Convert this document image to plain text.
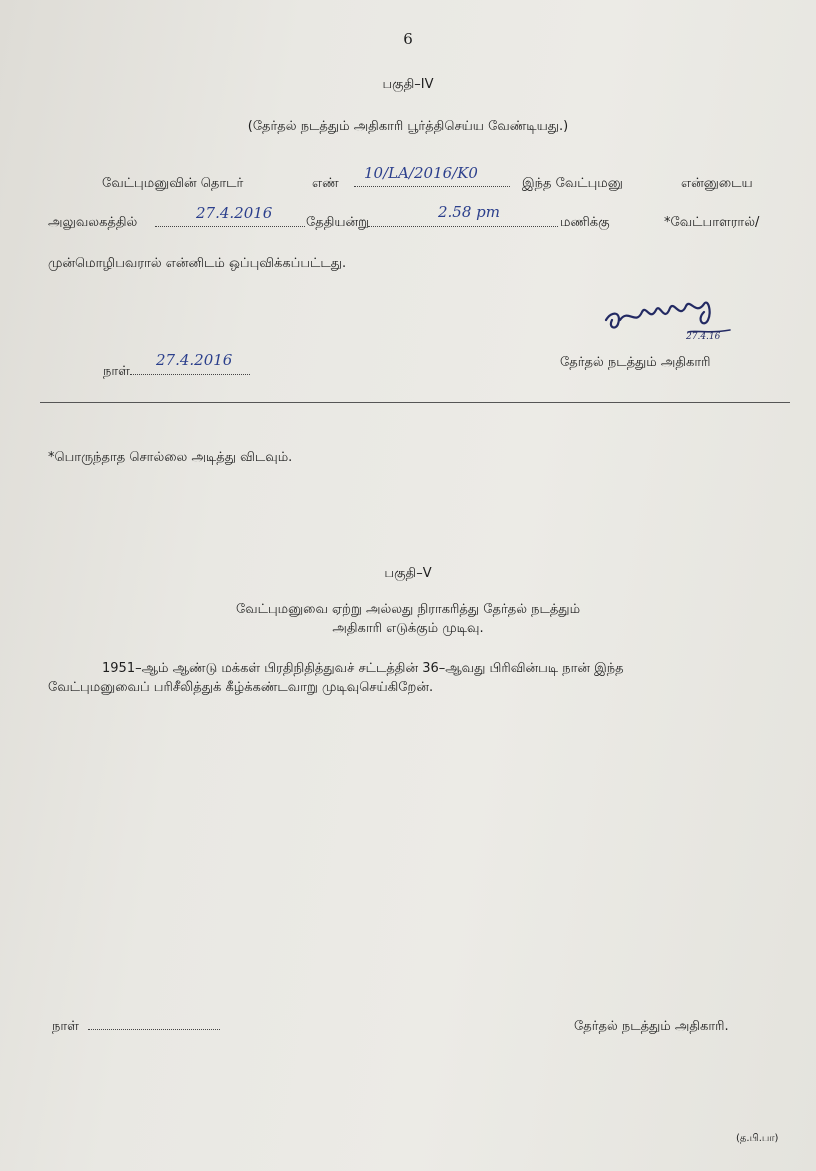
6
பகுதி–IV
(தேர்தல் நடத்தும் அதிகாரி பூர்த்திசெய்ய வேண்டியது.)
வேட்புமனுவின் தொடர்	எண்
10/LA/2016/K0
இந்த வேட்புமனு	என்னுடைய
அலுவலகத்தில்
27.4.2016
தேதியன்று
2.58 pm
மணிக்கு	*வேட்பாளரால்/
முன்மொழிபவரால் என்னிடம் ஒப்புவிக்கப்பட்டது.
27.4.16
நாள்
27.4.2016	தேர்தல் நடத்தும் அதிகாரி
*பொருந்தாத சொல்லை அடித்து விடவும்.
பகுதி–V
வேட்புமனுவை ஏற்று அல்லது நிராகரித்து தேர்தல் நடத்தும்
அதிகாரி எடுக்கும் முடிவு.
1951–ஆம் ஆண்டு மக்கள் பிரதிநிதித்துவச் சட்டத்தின் 36–ஆவது பிரிவின்படி நான் இந்த
வேட்புமனுவைப் பரிசீலித்துக் கீழ்க்கண்டவாறு முடிவுசெய்கிறேன்.
நாள்	தேர்தல் நடத்தும் அதிகாரி.
(த.பி.பா)
